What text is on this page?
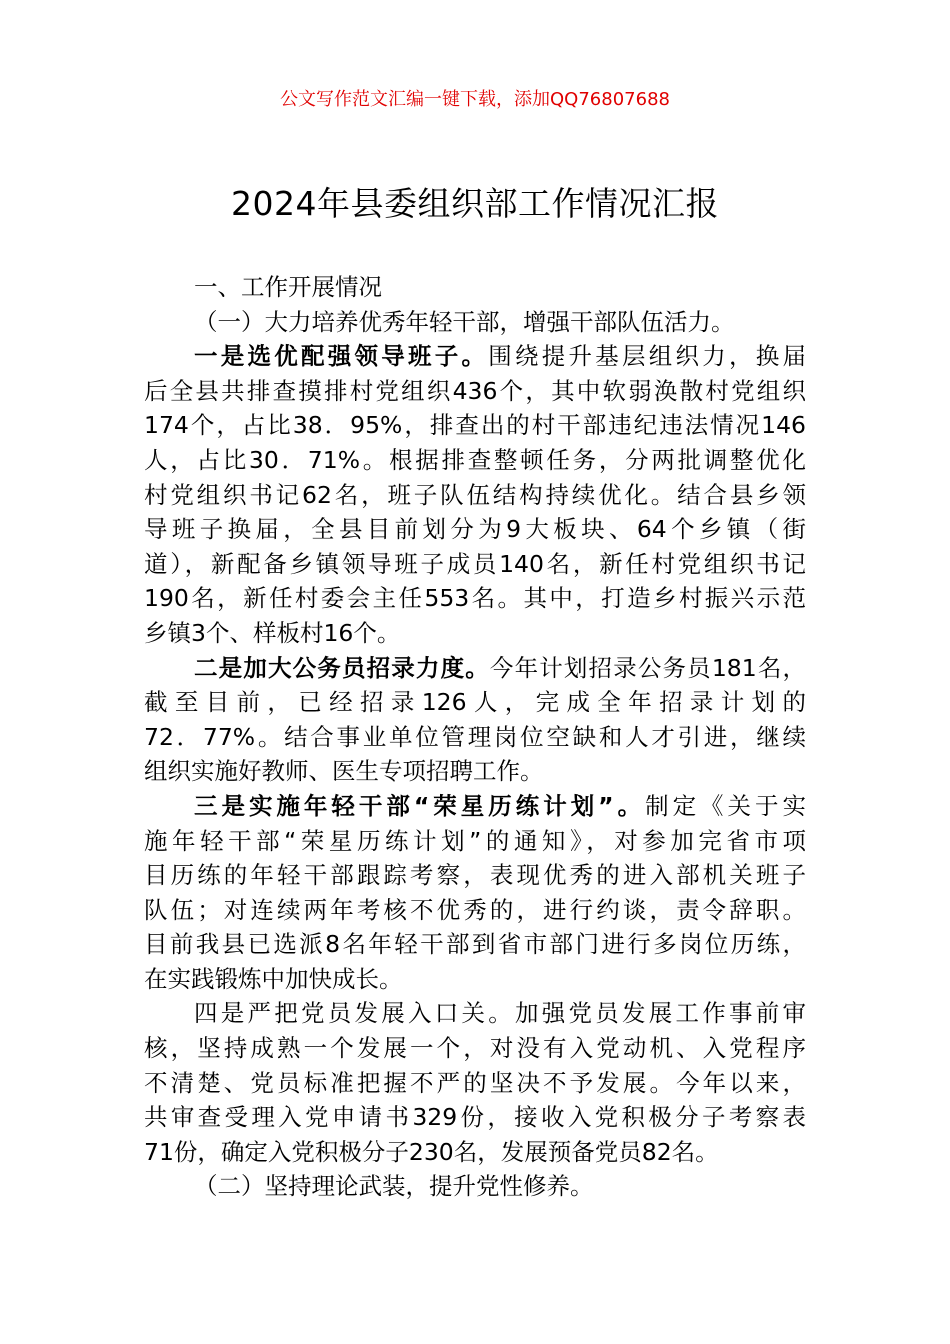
公文写作范文汇编一键下载，添加QQ76807688
2024年县委组织部工作情况汇报
一、工作开展情况
（一）大力培养优秀年轻干部，增强干部队伍活力。
一是选优配强领导班子。围绕提升基层组织力，换届
后全县共排查摸排村党组织436个，其中软弱涣散村党组织
174个，占比38．95%，排查出的村干部违纪违法情况146
人，占比30．71%。根据排查整顿任务，分两批调整优化
村党组织书记62名，班子队伍结构持续优化。结合县乡领
导班子换届，全县目前划分为9大板块、64个乡镇（街
道），新配备乡镇领导班子成员140名，新任村党组织书记
190名，新任村委会主任553名。其中，打造乡村振兴示范
乡镇3个、样板村16个。
二是加大公务员招录力度。今年计划招录公务员181名，
截至目前，已经招录126人，完成全年招录计划的
72．77%。结合事业单位管理岗位空缺和人才引进，继续
组织实施好教师、医生专项招聘工作。
三是实施年轻干部“荣星历练计划”。制定《关于实
施年轻干部“荣星历练计划”的通知》，对参加完省市项
目历练的年轻干部跟踪考察，表现优秀的进入部机关班子
队伍；对连续两年考核不优秀的，进行约谈，责令辞职。
目前我县已选派8名年轻干部到省市部门进行多岗位历练，
在实践锻炼中加快成长。
四是严把党员发展入口关。加强党员发展工作事前审
核，坚持成熟一个发展一个，对没有入党动机、入党程序
不清楚、党员标准把握不严的坚决不予发展。今年以来，
共审查受理入党申请书329份，接收入党积极分子考察表
71份，确定入党积极分子230名，发展预备党员82名。
（二）坚持理论武装，提升党性修养。
